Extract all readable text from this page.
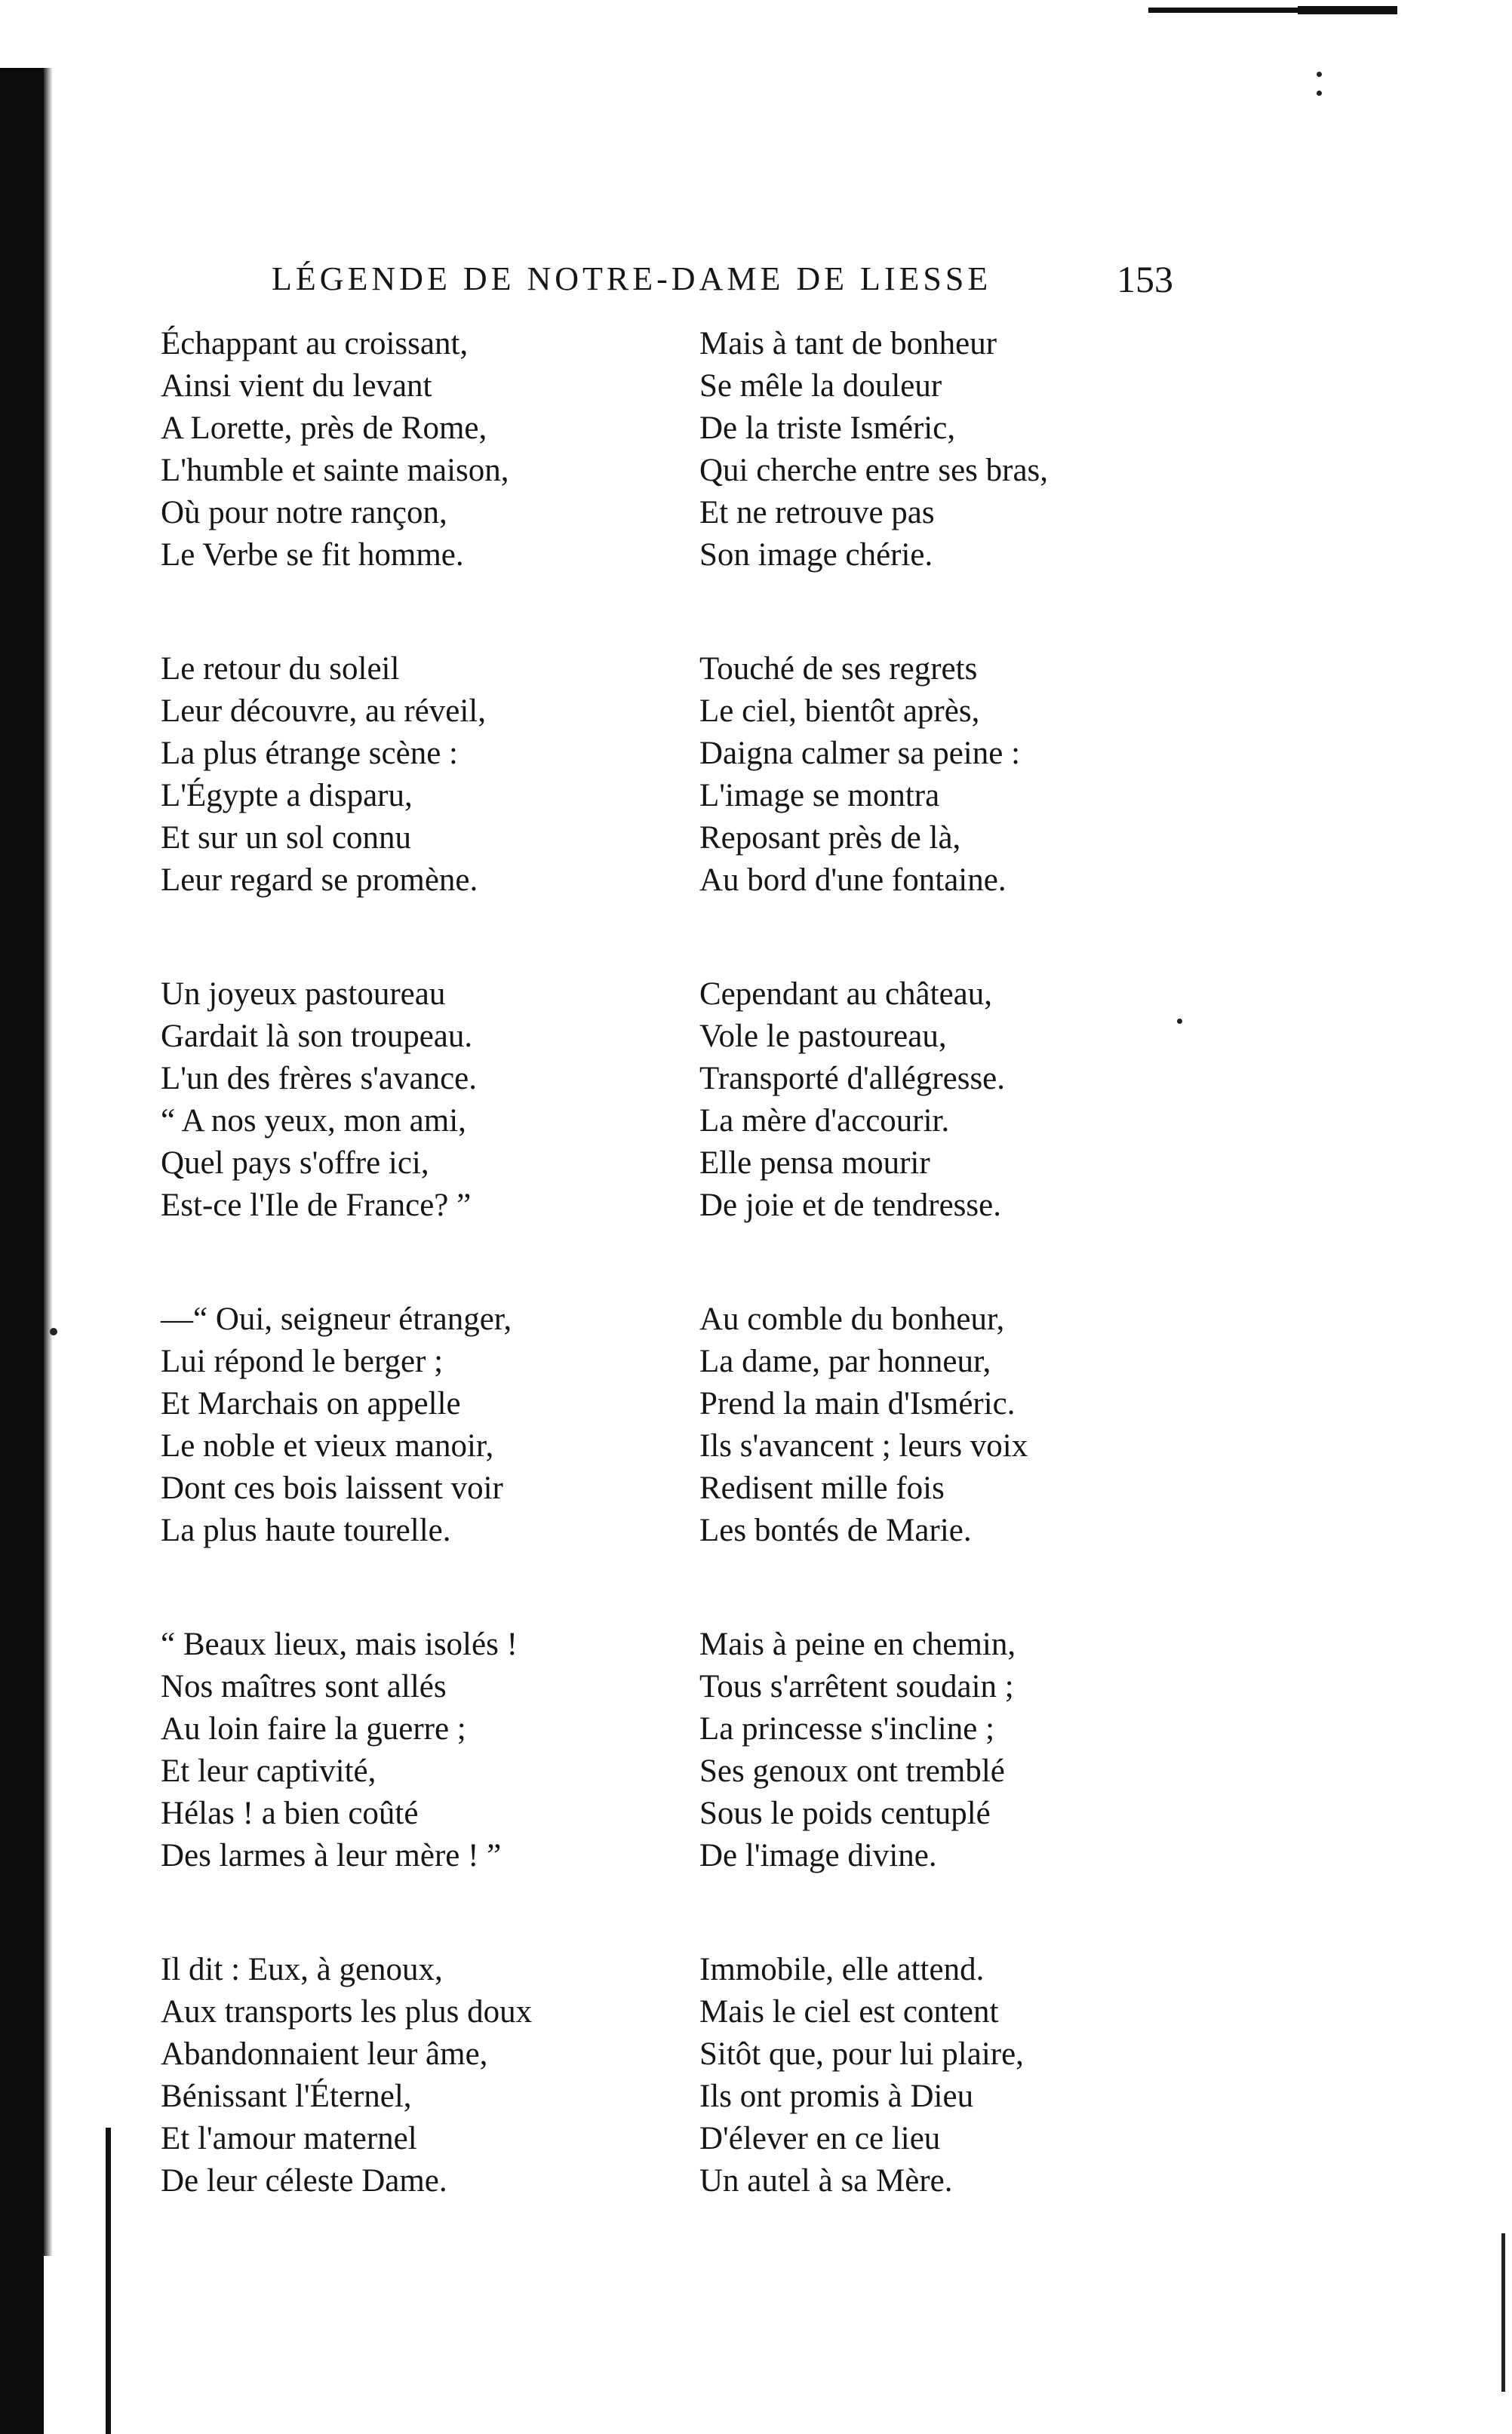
LÉGENDE DE NOTRE-DAME DE LIESSE	153
Échappant au croissant,
Ainsi vient du levant
A Lorette, près de Rome,
L'humble et sainte maison,
Où pour notre rançon,
Le Verbe se fit homme.
Le retour du soleil
Leur découvre, au réveil,
La plus étrange scène :
L'Égypte a disparu,
Et sur un sol connu
Leur regard se promène.
Un joyeux pastoureau
Gardait là son troupeau.
L'un des frères s'avance.
“ A nos yeux, mon ami,
Quel pays s'offre ici,
Est-ce l'Ile de France? ”
—“ Oui, seigneur étranger,
Lui répond le berger ;
Et Marchais on appelle
Le noble et vieux manoir,
Dont ces bois laissent voir
La plus haute tourelle.
“ Beaux lieux, mais isolés !
Nos maîtres sont allés
Au loin faire la guerre ;
Et leur captivité,
Hélas ! a bien coûté
Des larmes à leur mère ! ”
Il dit : Eux, à genoux,
Aux transports les plus doux
Abandonnaient leur âme,
Bénissant l'Éternel,
Et l'amour maternel
De leur céleste Dame.
Mais à tant de bonheur
Se mêle la douleur
De la triste Isméric,
Qui cherche entre ses bras,
Et ne retrouve pas
Son image chérie.
Touché de ses regrets
Le ciel, bientôt après,
Daigna calmer sa peine :
L'image se montra
Reposant près de là,
Au bord d'une fontaine.
Cependant au château,
Vole le pastoureau,
Transporté d'allégresse.
La mère d'accourir.
Elle pensa mourir
De joie et de tendresse.
Au comble du bonheur,
La dame, par honneur,
Prend la main d'Isméric.
Ils s'avancent ; leurs voix
Redisent mille fois
Les bontés de Marie.
Mais à peine en chemin,
Tous s'arrêtent soudain ;
La princesse s'incline ;
Ses genoux ont tremblé
Sous le poids centuplé
De l'image divine.
Immobile, elle attend.
Mais le ciel est content
Sitôt que, pour lui plaire,
Ils ont promis à Dieu
D'élever en ce lieu
Un autel à sa Mère.
